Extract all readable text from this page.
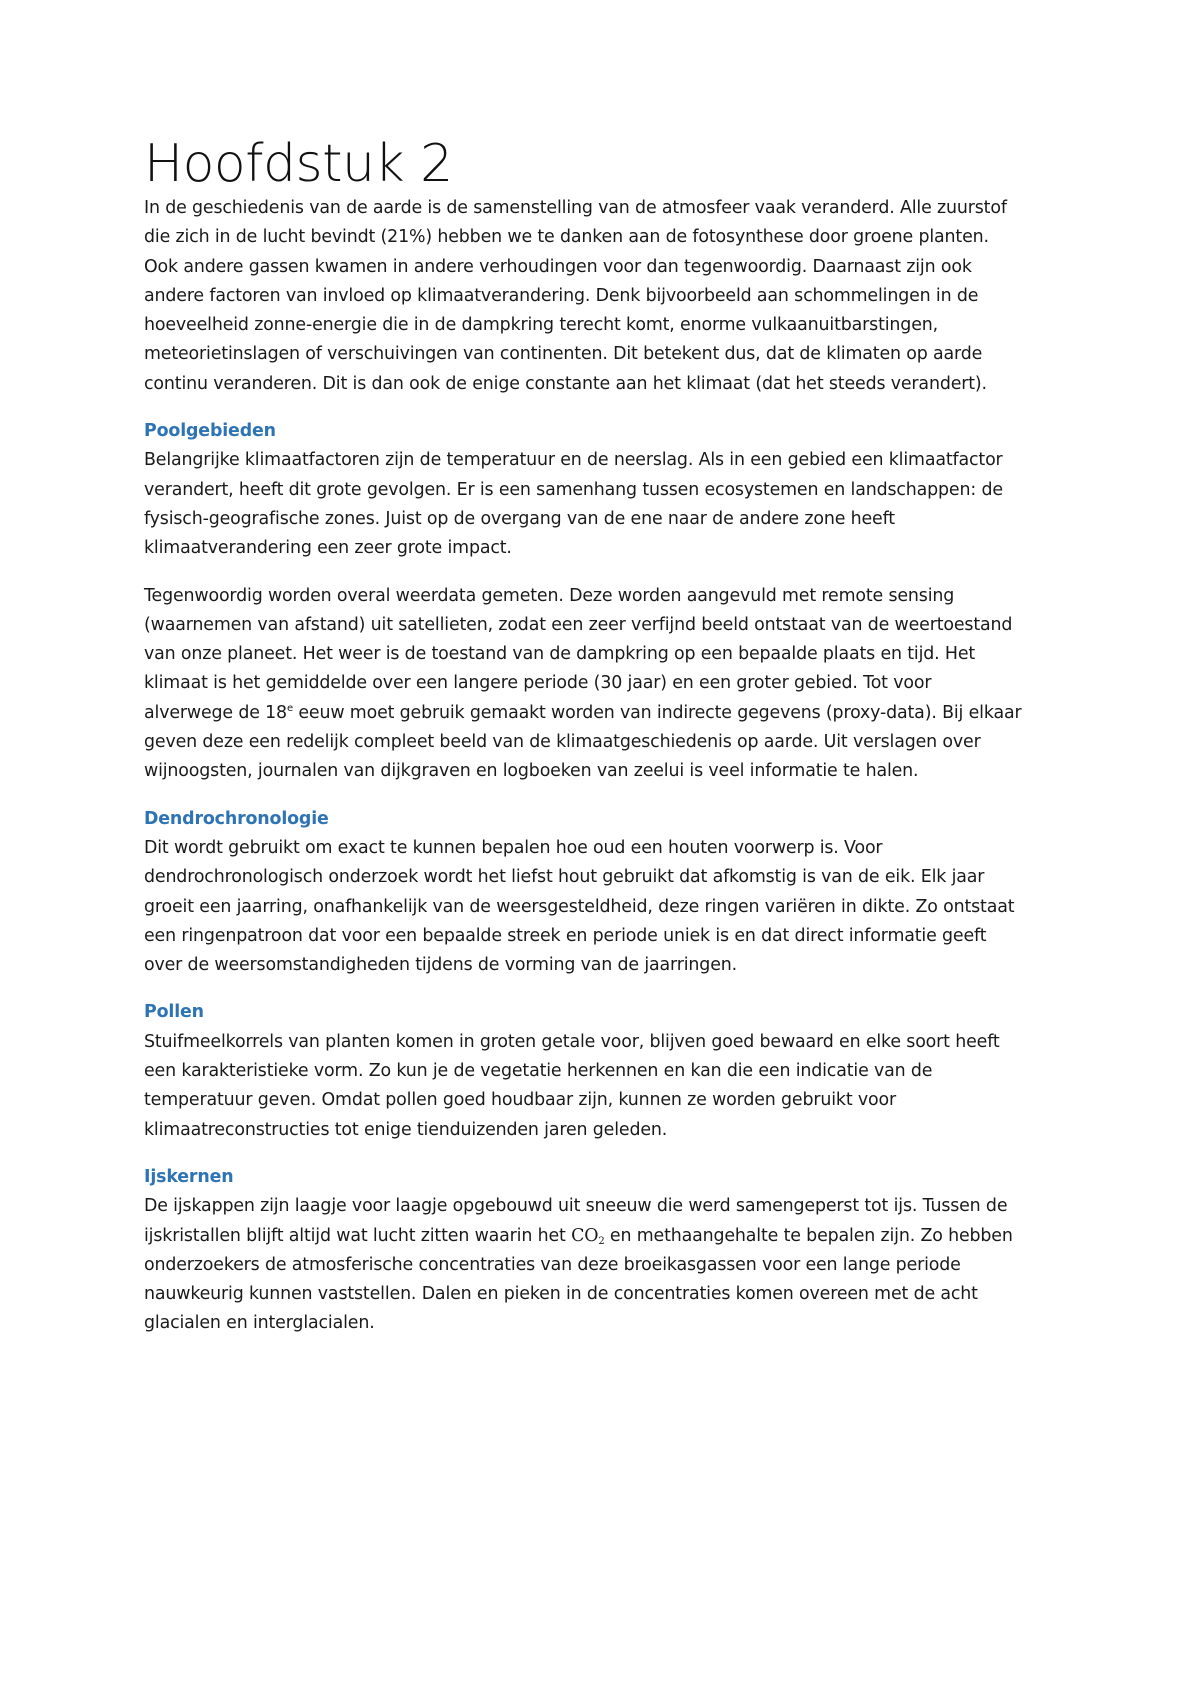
Hoofdstuk 2

In de geschiedenis van de aarde is de samenstelling van de atmosfeer vaak veranderd. Alle zuurstof
die zich in de lucht bevindt (21%) hebben we te danken aan de fotosynthese door groene planten.
Ook andere gassen kwamen in andere verhoudingen voor dan tegenwoordig. Daarnaast zijn ook
andere factoren van invloed op klimaatverandering. Denk bijvoorbeeld aan schommelingen in de
hoeveelheid zonne-energie die in de dampkring terecht komt, enorme vulkaanuitbarstingen,
meteorietinslagen of verschuivingen van continenten. Dit betekent dus, dat de klimaten op aarde
continu veranderen. Dit is dan ook de enige constante aan het klimaat (dat het steeds verandert).

Poolgebieden

Belangrijke klimaatfactoren zijn de temperatuur en de neerslag. Als in een gebied een klimaatfactor
verandert, heeft dit grote gevolgen. Er is een samenhang tussen ecosystemen en landschappen: de
fysisch-geografische zones. Juist op de overgang van de ene naar de andere zone heeft
klimaatverandering een zeer grote impact.

Tegenwoordig worden overal weerdata gemeten. Deze worden aangevuld met remote sensing
(waarnemen van afstand) uit satellieten, zodat een zeer verfijnd beeld ontstaat van de weertoestand
van onze planeet. Het weer is de toestand van de dampkring op een bepaalde plaats en tijd. Het
klimaat is het gemiddelde over een langere periode (30 jaar) en een groter gebied. Tot voor
alverwege de 18e eeuw moet gebruik gemaakt worden van indirecte gegevens (proxy-data). Bij elkaar
geven deze een redelijk compleet beeld van de klimaatgeschiedenis op aarde. Uit verslagen over
wijnoogsten, journalen van dijkgraven en logboeken van zeelui is veel informatie te halen.

Dendrochronologie

Dit wordt gebruikt om exact te kunnen bepalen hoe oud een houten voorwerp is. Voor
dendrochronologisch onderzoek wordt het liefst hout gebruikt dat afkomstig is van de eik. Elk jaar
groeit een jaarring, onafhankelijk van de weersgesteldheid, deze ringen variëren in dikte. Zo ontstaat
een ringenpatroon dat voor een bepaalde streek en periode uniek is en dat direct informatie geeft
over de weersomstandigheden tijdens de vorming van de jaarringen.

Pollen

Stuifmeelkorrels van planten komen in groten getale voor, blijven goed bewaard en elke soort heeft
een karakteristieke vorm. Zo kun je de vegetatie herkennen en kan die een indicatie van de
temperatuur geven. Omdat pollen goed houdbaar zijn, kunnen ze worden gebruikt voor
klimaatreconstructies tot enige tienduizenden jaren geleden.

Ijskernen

De ijskappen zijn laagje voor laagje opgebouwd uit sneeuw die werd samengeperst tot ijs. Tussen de
ijskristallen blijft altijd wat lucht zitten waarin het $CO_2$ en methaangehalte te bepalen zijn. Zo hebben
onderzoekers de atmosferische concentraties van deze broeikasgassen voor een lange periode
nauwkeurig kunnen vaststellen. Dalen en pieken in de concentraties komen overeen met de acht
glacialen en interglacialen.
